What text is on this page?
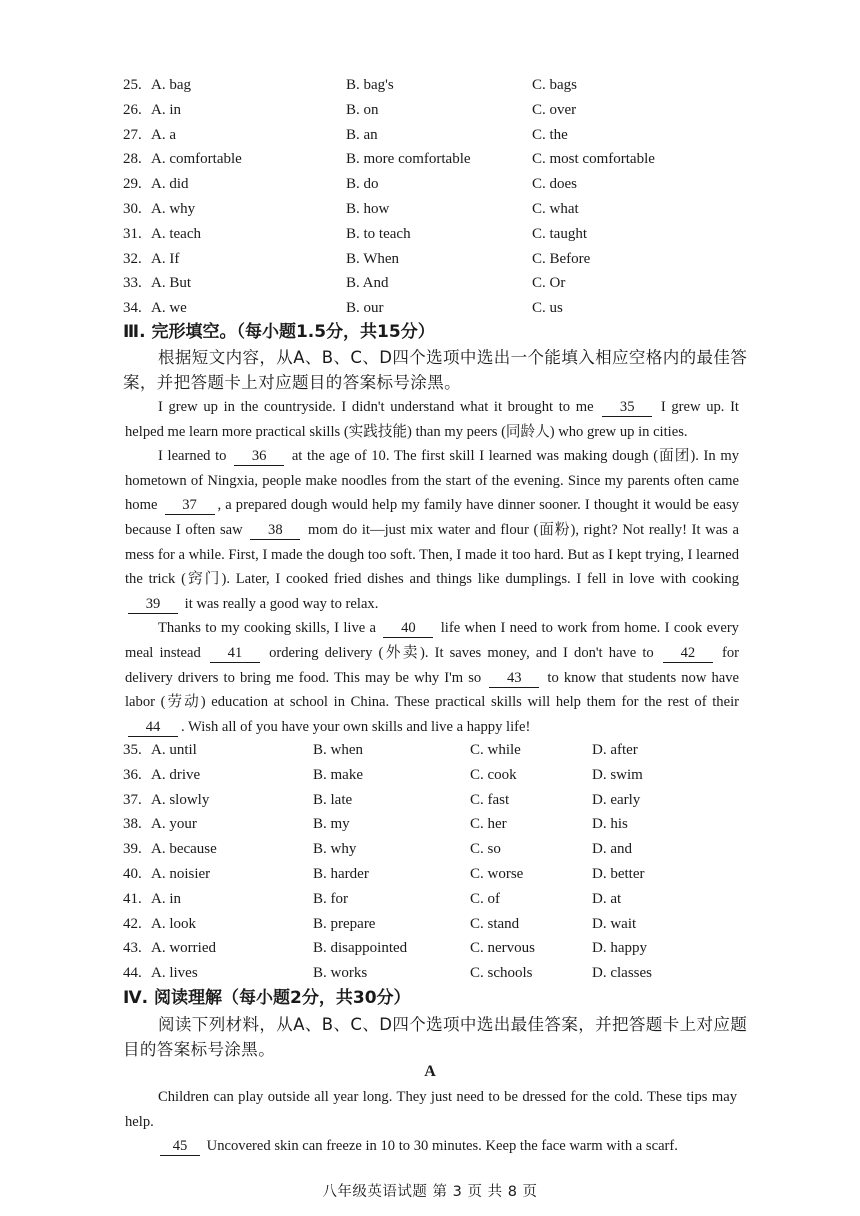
25. A. bag	B. bag's	C. bags
26. A. in	B. on	C. over
27. A. a	B. an	C. the
28. A. comfortable	B. more comfortable	C. most comfortable
29. A. did	B. do	C. does
30. A. why	B. how	C. what
31. A. teach	B. to teach	C. taught
32. A. If	B. When	C. Before
33. A. But	B. And	C. Or
34. A. we	B. our	C. us
Ⅲ. 完形填空。（每小题1.5分，共15分）
根据短文内容，从A、B、C、D四个选项中选出一个能填入相应空格内的最佳答案，并把答题卡上对应题目的答案标号涂黑。

I grew up in the countryside. I didn't understand what it brought to me 35 I grew up. It helped me learn more practical skills (实践技能) than my peers (同龄人) who grew up in cities.

I learned to 36 at the age of 10. The first skill I learned was making dough (面团). In my hometown of Ningxia, people make noodles from the start of the evening. Since my parents often came home 37 , a prepared dough would help my family have dinner sooner. I thought it would be easy because I often saw 38 mom do it—just mix water and flour (面粉), right? Not really! It was a mess for a while. First, I made the dough too soft. Then, I made it too hard. But as I kept trying, I learned the trick (窍门). Later, I cooked fried dishes and things like dumplings. I fell in love with cooking 39 it was really a good way to relax.

Thanks to my cooking skills, I live a 40 life when I need to work from home. I cook every meal instead 41 ordering delivery (外卖). It saves money, and I don't have to 42 for delivery drivers to bring me food. This may be why I'm so 43 to know that students now have labor (劳动) education at school in China. These practical skills will help them for the rest of their 44 . Wish all of you have your own skills and live a happy life!

35. A. until	B. when	C. while	D. after
36. A. drive	B. make	C. cook	D. swim
37. A. slowly	B. late	C. fast	D. early
38. A. your	B. my	C. her	D. his
39. A. because	B. why	C. so	D. and
40. A. noisier	B. harder	C. worse	D. better
41. A. in	B. for	C. of	D. at
42. A. look	B. prepare	C. stand	D. wait
43. A. worried	B. disappointed	C. nervous	D. happy
44. A. lives	B. works	C. schools	D. classes
Ⅳ. 阅读理解（每小题2分，共30分）
阅读下列材料，从A、B、C、D四个选项中选出最佳答案，并把答题卡上对应题目的答案标号涂黑。
A

Children can play outside all year long. They just need to be dressed for the cold. These tips may help.

45 Uncovered skin can freeze in 10 to 30 minutes. Keep the face warm with a scarf.

八年级英语试题 第 3 页 共 8 页
